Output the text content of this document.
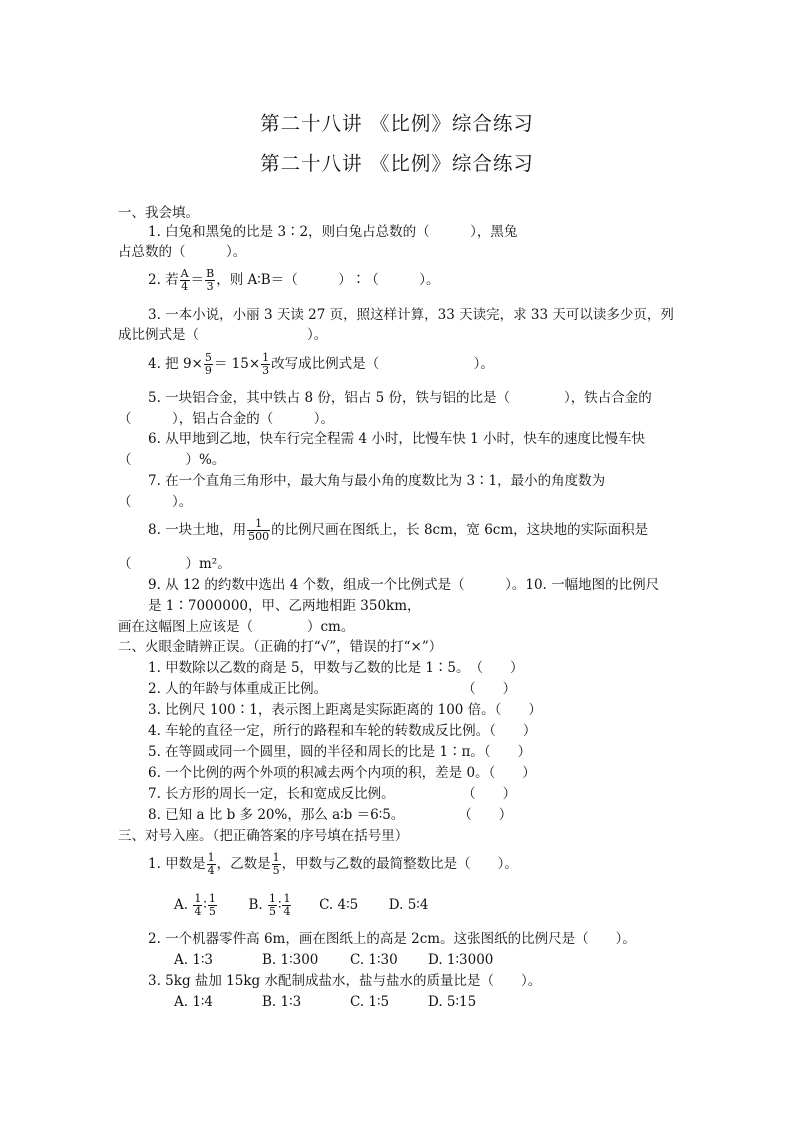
第二十八讲 《比例》综合练习
第二十八讲 《比例》综合练习
一、我会填。
1. 白兔和黑兔的比是 3∶2，则白兔占总数的（　　　），黑兔
占总数的（　　　）。
2. 若 $\frac{A}{4} = \frac{B}{3}$ ，则 A∶B＝（　　　）∶（　　　）。
3. 一本小说，小丽 3 天读 27 页，照这样计算，33 天读完，求 33 天可以读多少页，列
成比例式是（　　　　　　　　）。
4. 把 $9\times \frac{5}{9} = 15\times \frac{1}{3}$ 改写成比例式是（　　　　　　　）。
5. 一块铝合金，其中铁占 8 份，铝占 5 份，铁与铝的比是（　　　　），铁占合金的
（　　　），铝占合金的（　　　）。
6. 从甲地到乙地，快车行完全程需 4 小时，比慢车快 1 小时，快车的速度比慢车快
（　　　　）%。
7. 在一个直角三角形中，最大角与最小角的度数比为 3∶1，最小的角度数为
（　　　）。
8. 一块土地，用 $\frac{1}{500}$ 的比例尺画在图纸上，长 8cm，宽 6cm，这块地的实际面积是
（　　　　）m²。
9. 从 12 的约数中选出 4 个数，组成一个比例式是（　　　）。10. 一幅地图的比例尺
是 1∶7000000，甲、乙两地相距 350km，
画在这幅图上应该是（　　　　）cm。
二、火眼金睛辨正误。（正确的打“√”，错误的打“×”）
1. 甲数除以乙数的商是 5，甲数与乙数的比是 1∶5。　（　　）
2. 人的年龄与体重成正比例。　　　　　　　　　　　（　　）
3. 比例尺 100∶1，表示图上距离是实际距离的 100 倍。（　　）
4. 车轮的直径一定，所行的路程和车轮的转数成反比例。（　　）
5. 在等圆或同一个圆里，圆的半径和周长的比是 1∶π。（　　）
6. 一个比例的两个外项的积减去两个内项的积，差是 0。（　　）
7. 长方形的周长一定，长和宽成反比例。　　　　　　（　　）
8. 已知 a 比 b 多 20%，那么 a∶b ＝6∶5。　　　　　（　　）
三、对号入座。（把正确答案的序号填在括号里）
1. 甲数是 $\frac{1}{4}$ ，乙数是 $\frac{1}{5}$ ，甲数与乙数的最简整数比是（　　）。
A. $\frac{1}{4}$ ∶ $\frac{1}{5} B$. $\frac{1}{5}$ ∶ $\frac{1}{4} C$. 4∶5 D. 5∶4
2. 一个机器零件高 6m，画在图纸上的高是 2cm。这张图纸的比例尺是（　　）。
A. 1∶3	B. 1∶300 C. 1∶30 D. 1∶3000
3. 5kg 盐加 15kg 水配制成盐水，盐与盐水的质量比是（　　）。
A. 1∶4	B. 1∶3	C. 1∶5	D. 5∶15
